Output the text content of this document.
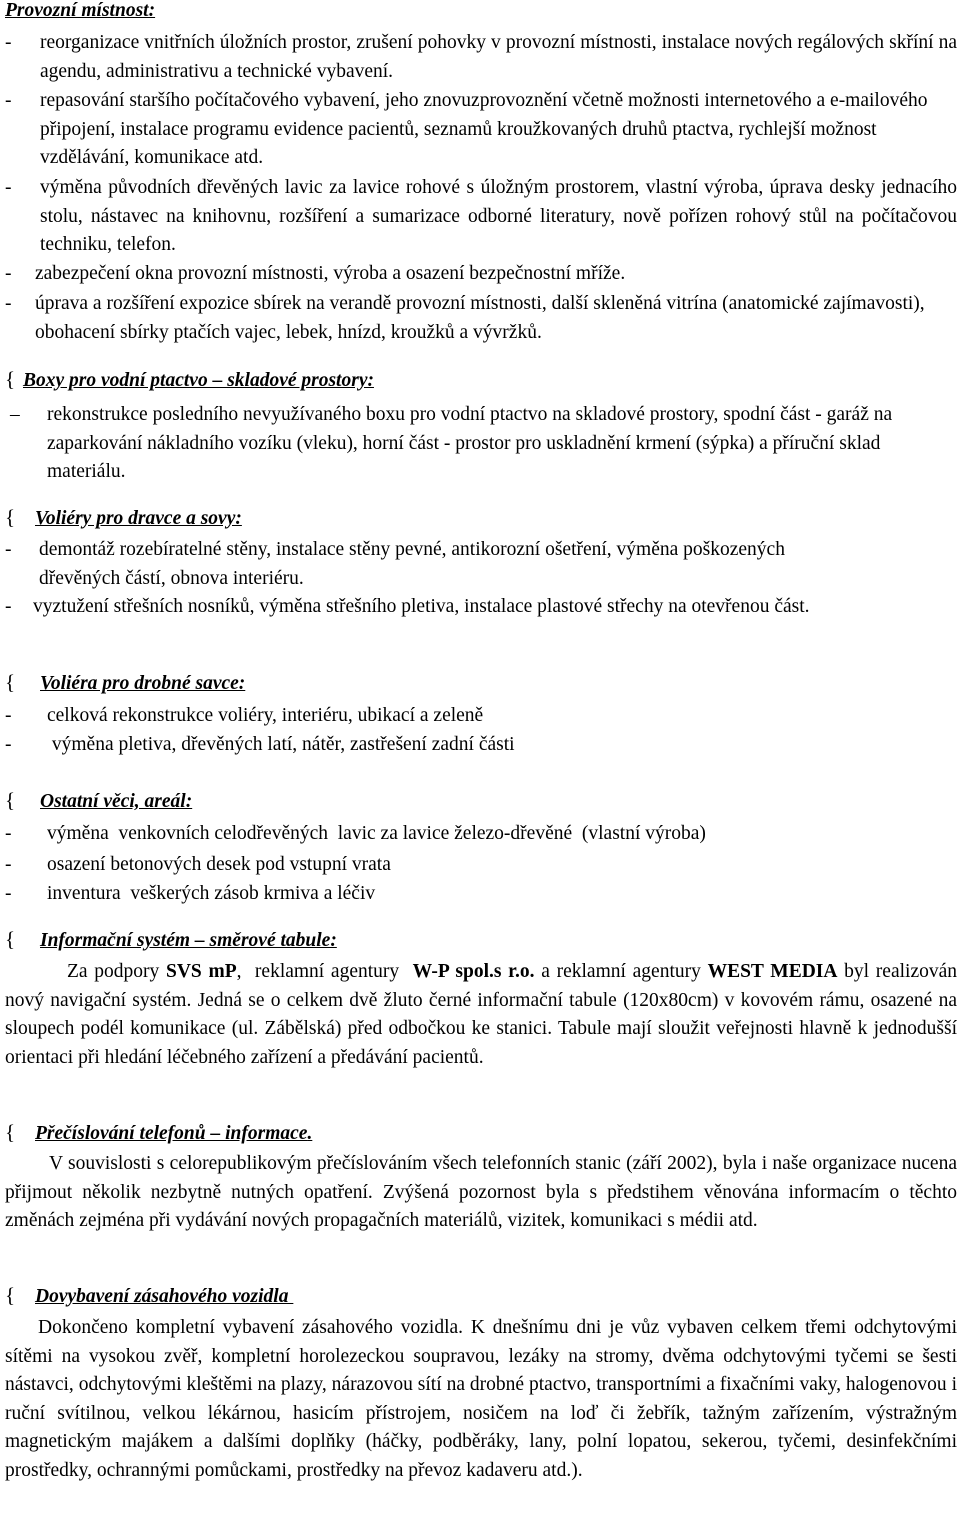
Provozní místnost:
- reorganizace vnitřních úložních prostor, zrušení pohovky v provozní místnosti, instalace nových regálových skříní na agendu, administrativu a technické vybavení.
- repasování staršího počítačového vybavení, jeho znovuzprovoznění včetně možnosti internetového a e-mailového připojení, instalace programu evidence pacientů, seznamů kroužkovaných druhů ptactva, rychlejší možnost vzdělávání, komunikace atd.
- výměna původních dřevěných lavic za lavice rohové s úložným prostorem, vlastní výroba, úprava desky jednacího stolu, nástavec na knihovnu, rozšíření a sumarizace odborné literatury, nově pořízen rohový stůl na počítačovou techniku, telefon.
- zabezpečení okna provozní místnosti, výroba a osazení bezpečnostní mříže.
- úprava a rozšíření expozice sbírek na verandě provozní místnosti, další skleněná vitrína (anatomické zajímavosti), obohacení sbírky ptačích vajec, lebek, hnízd, kroužků a vývržků.
{ Boxy pro vodní ptactvo – skladové prostory:
– rekonstrukce posledního nevyužívaného boxu pro vodní ptactvo na skladové prostory, spodní část - garáž na zaparkování nákladního vozíku (vleku), horní část - prostor pro uskladnění krmení (sýpka) a příruční sklad materiálu.
{ Voliéry pro dravce a sovy:
- demontáž rozebíratelné stěny, instalace stěny pevné, antikorozní ošetření, výměna poškozených dřevěných částí, obnova interiéru.
- vyztužení střešních nosníků, výměna střešního pletiva, instalace plastové střechy na otevřenou část.
{ Voliéra pro drobné savce:
- celková rekonstrukce voliéry, interiéru, ubikací a zeleně
- výměna pletiva, dřevěných latí, nátěr, zastřešení zadní části
{ Ostatní věci, areál:
- výměna  venkovních celodřevěných  lavic za lavice železo-dřevěné  (vlastní výroba)
- osazení betonových desek pod vstupní vrata
- inventura  veškerých zásob krmiva a léčiv
{ Informační systém – směrové tabule:
Za podpory SVS mP,  reklamní agentury  W-P spol.s r.o. a reklamní agentury WEST MEDIA byl realizován nový navigační systém. Jedná se o celkem dvě žluto černé informační tabule (120x80cm) v kovovém rámu, osazené na sloupech podél komunikace (ul. Zábělská) před odbočkou ke stanici. Tabule mají sloužit veřejnosti hlavně k jednodušší orientaci při hledání léčebného zařízení a předávání pacientů.
{ Přečíslování telefonů – informace.
V souvislosti s celorepublikovým přečíslováním všech telefonních stanic (září 2002), byla i naše organizace nucena přijmout několik nezbytně nutných opatření. Zvýšená pozornost byla s předstihem věnována informacím o těchto změnách zejména při vydávání nových propagačních materiálů, vizitek, komunikaci s médii atd.
{ Dovybavení zásahového vozidla
Dokončeno kompletní vybavení zásahového vozidla. K dnešnímu dni je vůz vybaven celkem třemi odchytovými sítěmi na vysokou zvěř, kompletní horolezeckou soupravou, lezáky na stromy, dvěma odchytovými tyčemi se šesti nástavci, odchytovými kleštěmi na plazy, nárazovou sítí na drobné ptactvo, transportními a fixačními vaky, halogenovou i ruční svítilnou, velkou lékárnou, hasicím přístrojem, nosičem na loď či žebřík, tažným zařízením, výstražným magnetickým majákem a dalšími doplňky (háčky, podběráky, lany, polní lopatou, sekerou, tyčemi, desinfekčními prostředky, ochrannými pomůckami, prostředky na převoz kadaveru atd.).
